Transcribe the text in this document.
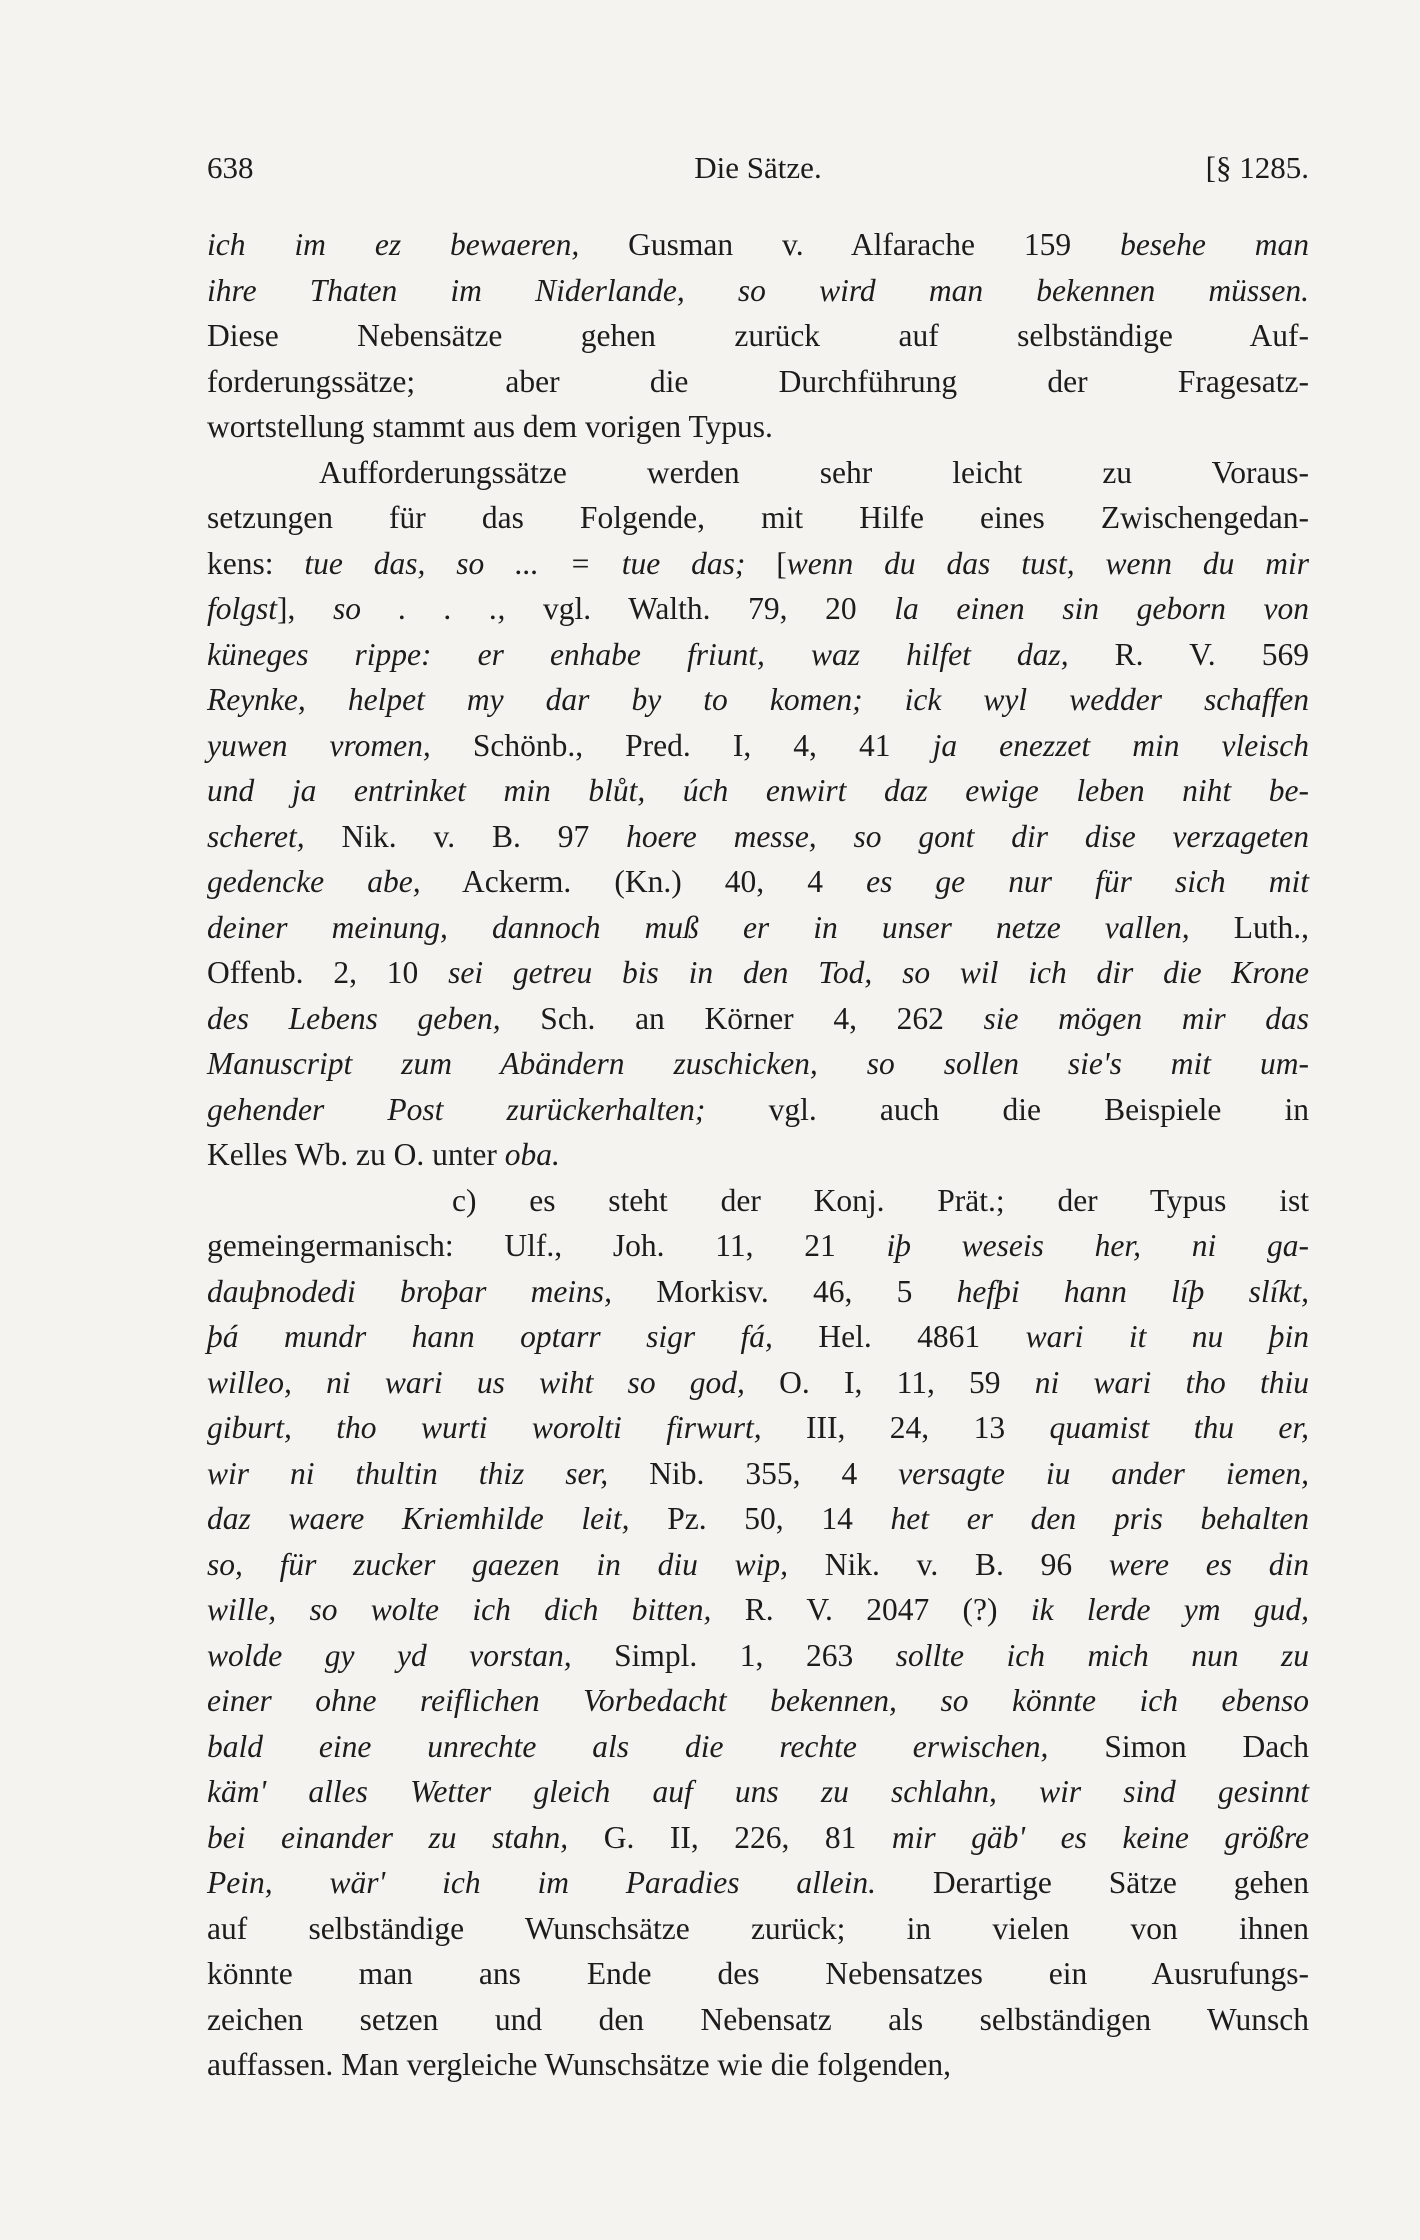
638	Die Sätze.	[§ 1285.
ich im ez bewaeren, Gusman v. Alfarache 159 besehe man
ihre Thaten im Niderlande, so wird man bekennen müssen.
Diese Nebensätze gehen zurück auf selbständige Auf-
forderungssätze; aber die Durchführung der Fragesatz-
wortstellung stammt aus dem vorigen Typus.
Aufforderungssätze werden sehr leicht zu Voraus-
setzungen für das Folgende, mit Hilfe eines Zwischengedan-
kens: tue das, so ... = tue das; [wenn du das tust, wenn du mir
folgst], so . . ., vgl. Walth. 79, 20 la einen sin geborn von
küneges rippe: er enhabe friunt, waz hilfet daz, R. V. 569
Reynke, helpet my dar by to komen; ick wyl wedder schaffen
yuwen vromen, Schönb., Pred. I, 4, 41 ja enezzet min vleisch
und ja entrinket min blůt, úch enwirt daz ewige leben niht be-
scheret, Nik. v. B. 97 hoere messe, so gont dir dise verzageten
gedencke abe, Ackerm. (Kn.) 40, 4 es ge nur für sich mit
deiner meinung, dannoch muß er in unser netze vallen, Luth.,
Offenb. 2, 10 sei getreu bis in den Tod, so wil ich dir die Krone
des Lebens geben, Sch. an Körner 4, 262 sie mögen mir das
Manuscript zum Abändern zuschicken, so sollen sie's mit um-
gehender Post zurückerhalten; vgl. auch die Beispiele in
Kelles Wb. zu O. unter oba.
c) es steht der Konj. Prät.; der Typus ist
gemeingermanisch: Ulf., Joh. 11, 21 iþ weseis her, ni ga-
dauþnodedi broþar meins, Morkisv. 46, 5 hefþi hann líþ slíkt,
þá mundr hann optarr sigr fá, Hel. 4861 wari it nu þin
willeo, ni wari us wiht so god, O. I, 11, 59 ni wari tho thiu
giburt, tho wurti worolti firwurt, III, 24, 13 quamist thu er,
wir ni thultin thiz ser, Nib. 355, 4 versagte iu ander iemen,
daz waere Kriemhilde leit, Pz. 50, 14 het er den pris behalten
so, für zucker gaezen in diu wip, Nik. v. B. 96 were es din
wille, so wolte ich dich bitten, R. V. 2047 (?) ik lerde ym gud,
wolde gy yd vorstan, Simpl. 1, 263 sollte ich mich nun zu
einer ohne reiflichen Vorbedacht bekennen, so könnte ich ebenso
bald eine unrechte als die rechte erwischen, Simon Dach
käm' alles Wetter gleich auf uns zu schlahn, wir sind gesinnt
bei einander zu stahn, G. II, 226, 81 mir gäb' es keine größre
Pein, wär' ich im Paradies allein. Derartige Sätze gehen
auf selbständige Wunschsätze zurück; in vielen von ihnen
könnte man ans Ende des Nebensatzes ein Ausrufungs-
zeichen setzen und den Nebensatz als selbständigen Wunsch
auffassen. Man vergleiche Wunschsätze wie die folgenden,
